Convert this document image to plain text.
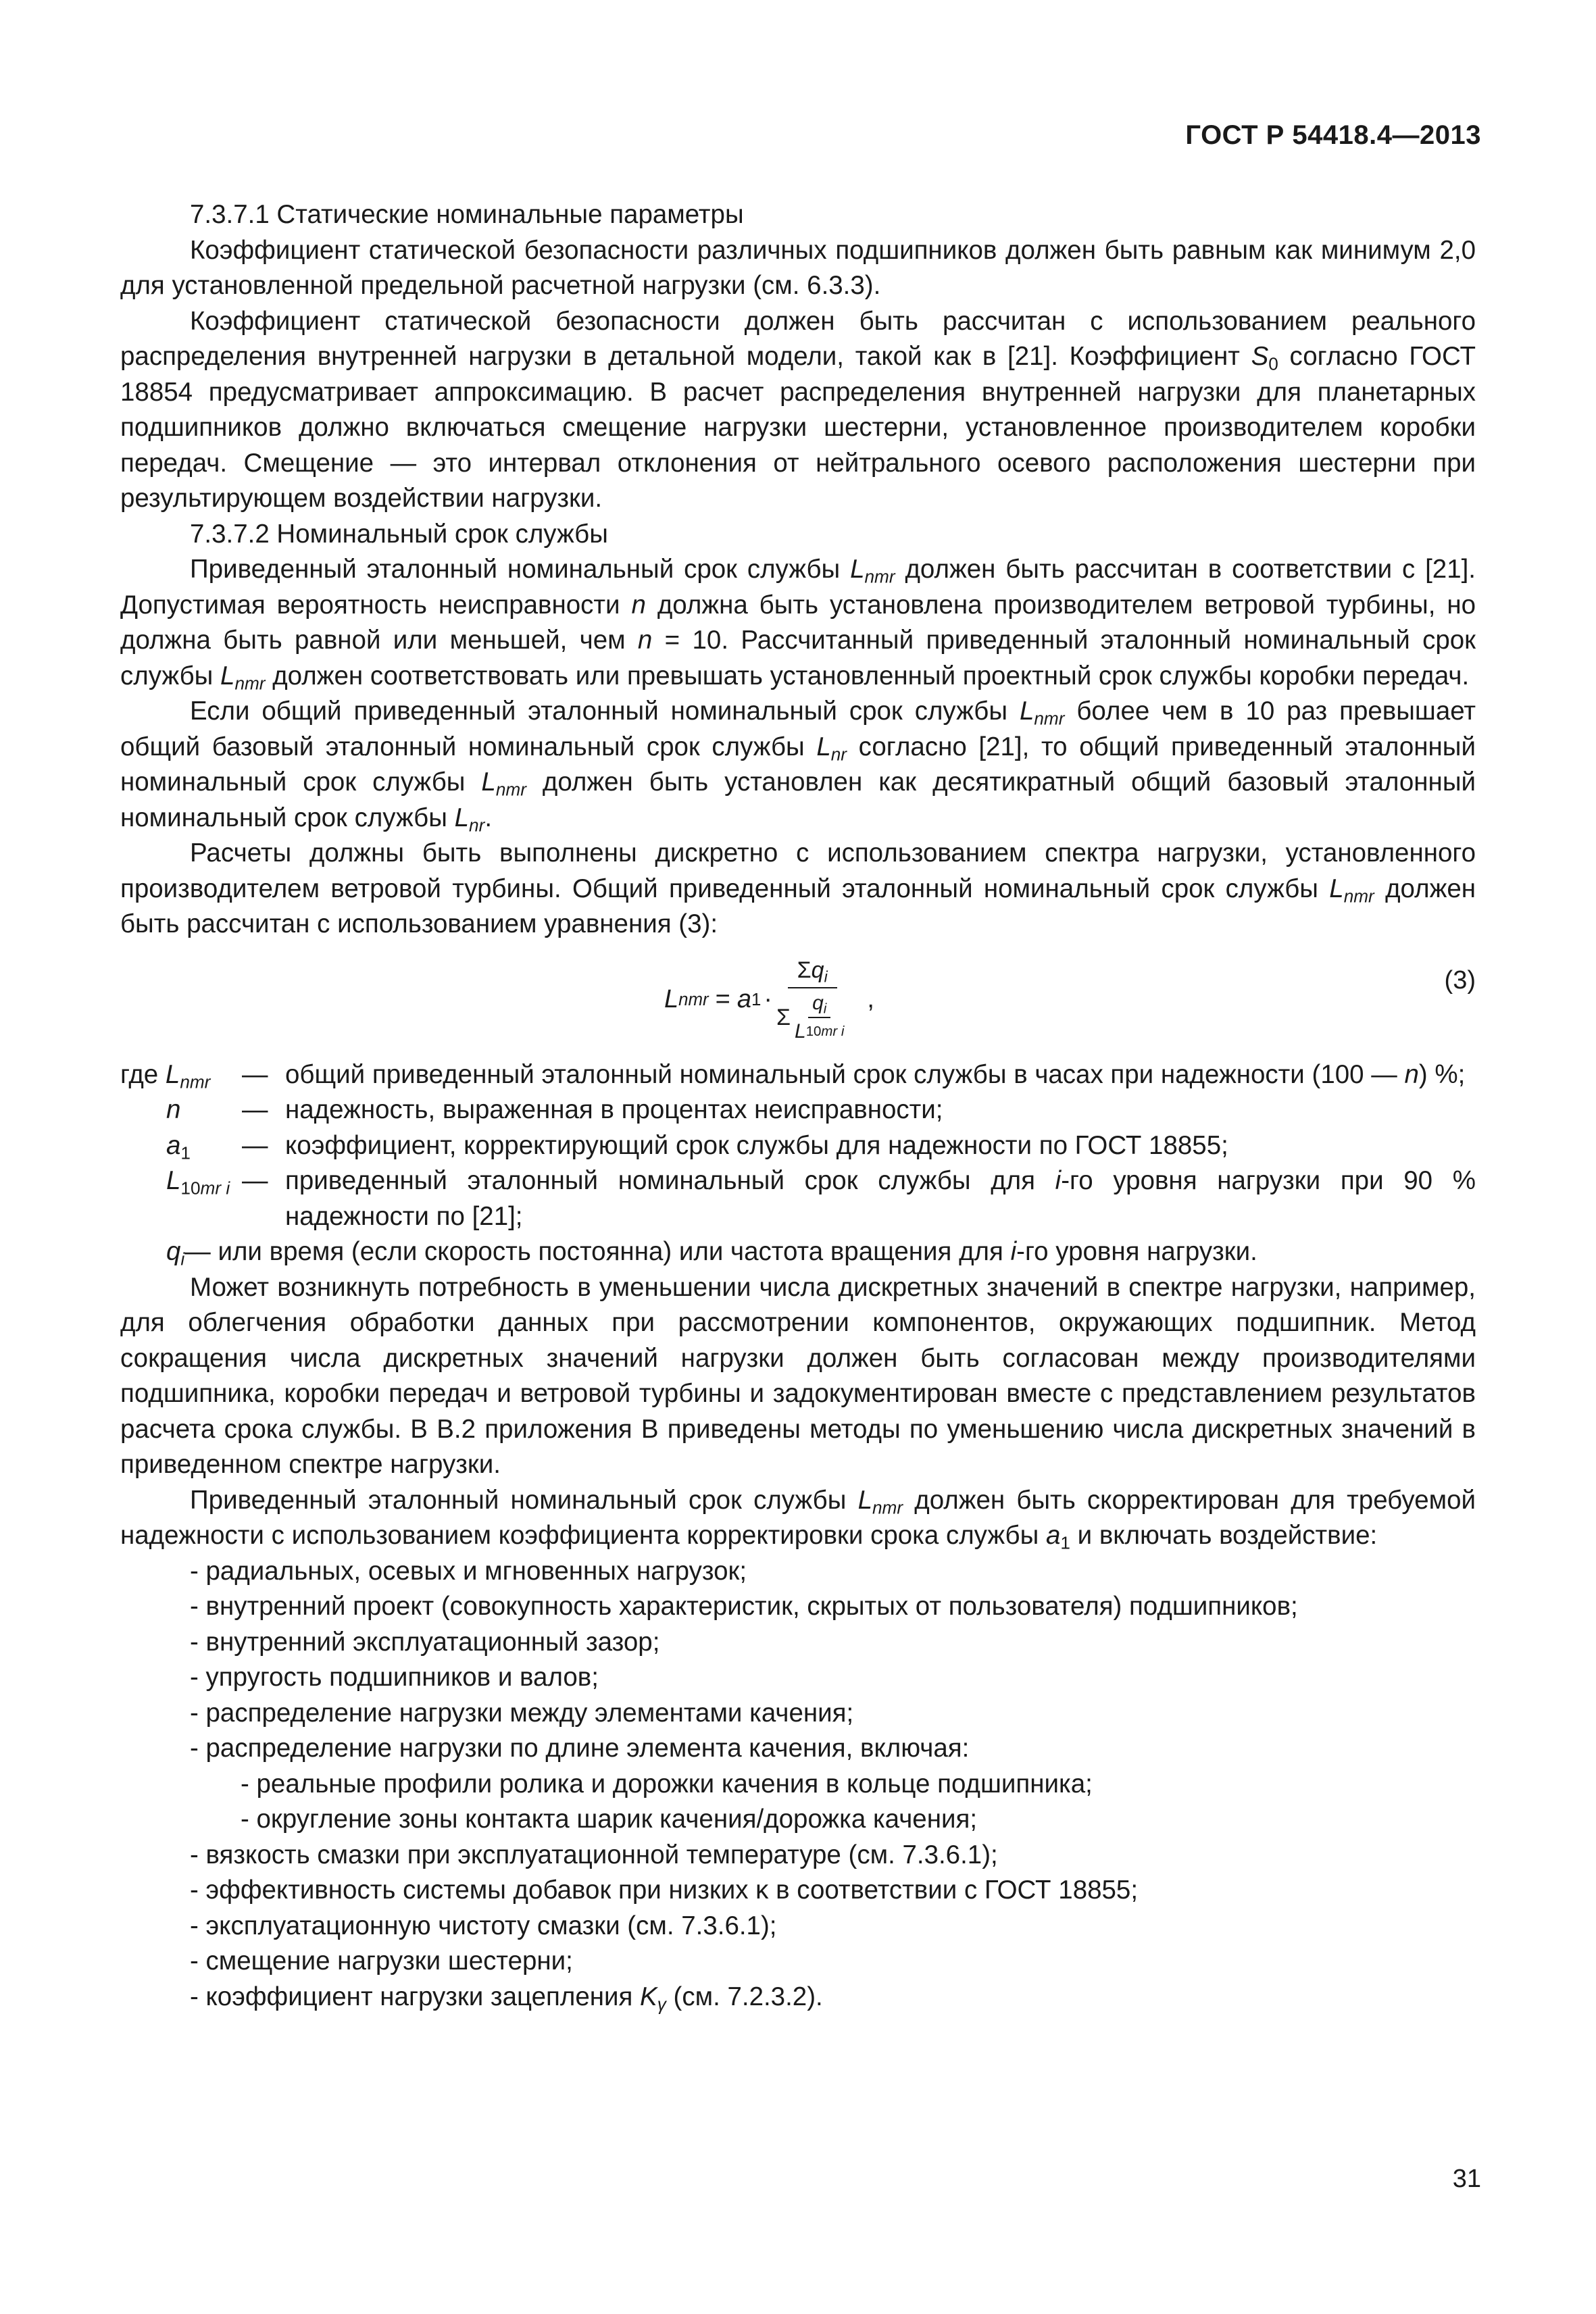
ГОСТ Р 54418.4—2013

7.3.7.1 Статические номинальные параметры

Коэффициент статической безопасности различных подшипников должен быть равным как минимум 2,0 для установленной предельной расчетной нагрузки (см. 6.3.3).

Коэффициент статической безопасности должен быть рассчитан с использованием реального распределения внутренней нагрузки в детальной модели, такой как в [21]. Коэффициент $S_0$ согласно ГОСТ 18854 предусматривает аппроксимацию. В расчет распределения внутренней нагрузки для планетарных подшипников должно включаться смещение нагрузки шестерни, установленное производителем коробки передач. Смещение — это интервал отклонения от нейтрального осевого расположения шестерни при результирующем воздействии нагрузки.

7.3.7.2 Номинальный срок службы

Приведенный эталонный номинальный срок службы $L_{nmr}$ должен быть рассчитан в соответствии с [21]. Допустимая вероятность неисправности n должна быть установлена производителем ветровой турбины, но должна быть равной или меньшей, чем n = 10. Рассчитанный приведенный эталонный номинальный срок службы $L_{nmr}$ должен соответствовать или превышать установленный проектный срок службы коробки передач.

Если общий приведенный эталонный номинальный срок службы $L_{nmr}$ более чем в 10 раз превышает общий базовый эталонный номинальный срок службы $L_{nr}$ согласно [21], то общий приведенный эталонный номинальный срок службы $L_{nmr}$ должен быть установлен как десятикратный общий базовый эталонный номинальный срок службы $L_{nr}$.

Расчеты должны быть выполнены дискретно с использованием спектра нагрузки, установленного производителем ветровой турбины. Общий приведенный эталонный номинальный срок службы $L_{nmr}$ должен быть рассчитан с использованием уравнения (3):

L nmr = a $1 \cdot \frac{\Sigma q_i}{\Sigma \frac{q_i}{\text{L 10 mr i}}}$ ,
(3)
где $L_{nmr}$	— общий приведенный эталонный номинальный срок службы в часах при надежности (100 — n) %;
n	— надежность, выраженная в процентах неисправности;
$a_1$	— коэффициент, корректирующий срок службы для надежности по ГОСТ 18855;
$L_{10mr i}$ — приведенный эталонный номинальный срок службы для i-го уровня нагрузки при 90 % надежности по [21];

$q_i—$ или время (если скорость постоянна) или частота вращения для i-го уровня нагрузки.

Может возникнуть потребность в уменьшении числа дискретных значений в спектре нагрузки, например, для облегчения обработки данных при рассмотрении компонентов, окружающих подшипник. Метод сокращения числа дискретных значений нагрузки должен быть согласован между производителями подшипника, коробки передач и ветровой турбины и задокументирован вместе с представлением результатов расчета срока службы. В В.2 приложения В приведены методы по уменьшению числа дискретных значений в приведенном спектре нагрузки.

Приведенный эталонный номинальный срок службы $L_{nmr}$ должен быть скорректирован для требуемой надежности с использованием коэффициента корректировки срока службы $a_1$ и включать воздействие:

- радиальных, осевых и мгновенных нагрузок;

- внутренний проект (совокупность характеристик, скрытых от пользователя) подшипников;

- внутренний эксплуатационный зазор;

- упругость подшипников и валов;

- распределение нагрузки между элементами качения;

- распределение нагрузки по длине элемента качения, включая:

- реальные профили ролика и дорожки качения в кольце подшипника;

- округление зоны контакта шарик качения/дорожка качения;

- вязкость смазки при эксплуатационной температуре (см. 7.3.6.1);

- эффективность системы добавок при низких κ в соответствии с ГОСТ 18855;

- эксплуатационную чистоту смазки (см. 7.3.6.1);

- смещение нагрузки шестерни;

- коэффициент нагрузки зацепления $K_\gamma$ (см. 7.2.3.2).

31
